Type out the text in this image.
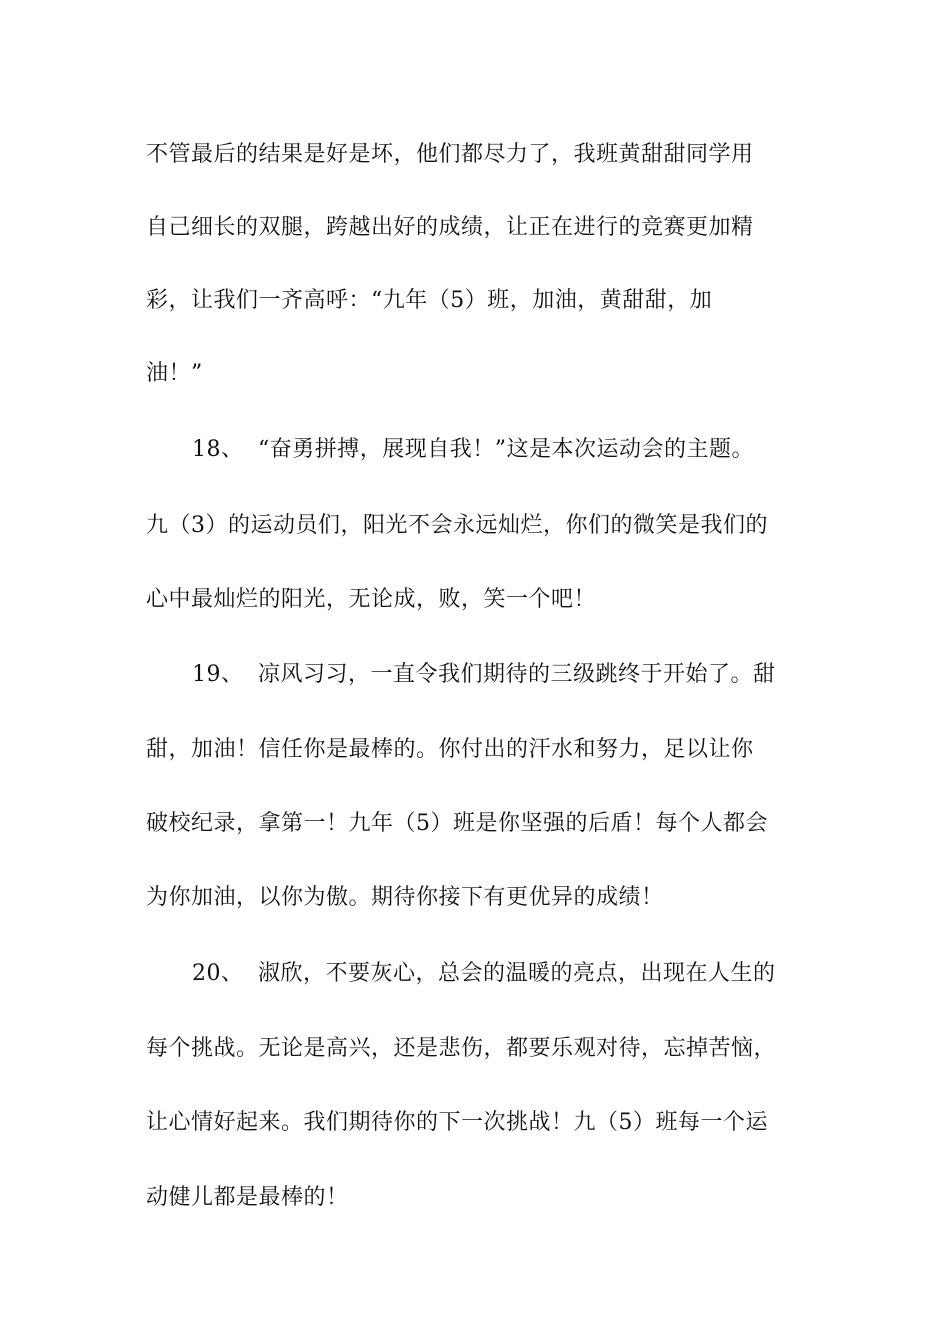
不管最后的结果是好是坏，他们都尽力了，我班黄甜甜同学用
自己细长的双腿，跨越出好的成绩，让正在进行的竞赛更加精
彩，让我们一齐高呼：“九年（5）班，加油，黄甜甜，加
油！”
18、 “奋勇拼搏，展现自我！”这是本次运动会的主题。
九（3）的运动员们，阳光不会永远灿烂，你们的微笑是我们的
心中最灿烂的阳光，无论成，败，笑一个吧！
19、 凉风习习，一直令我们期待的三级跳终于开始了。甜
甜，加油！信任你是最棒的。你付出的汗水和努力，足以让你
破校纪录，拿第一！九年（5）班是你坚强的后盾！每个人都会
为你加油，以你为傲。期待你接下有更优异的成绩！
20、 淑欣，不要灰心，总会的温暖的亮点，出现在人生的
每个挑战。无论是高兴，还是悲伤，都要乐观对待，忘掉苦恼，
让心情好起来。我们期待你的下一次挑战！九（5）班每一个运
动健儿都是最棒的！
